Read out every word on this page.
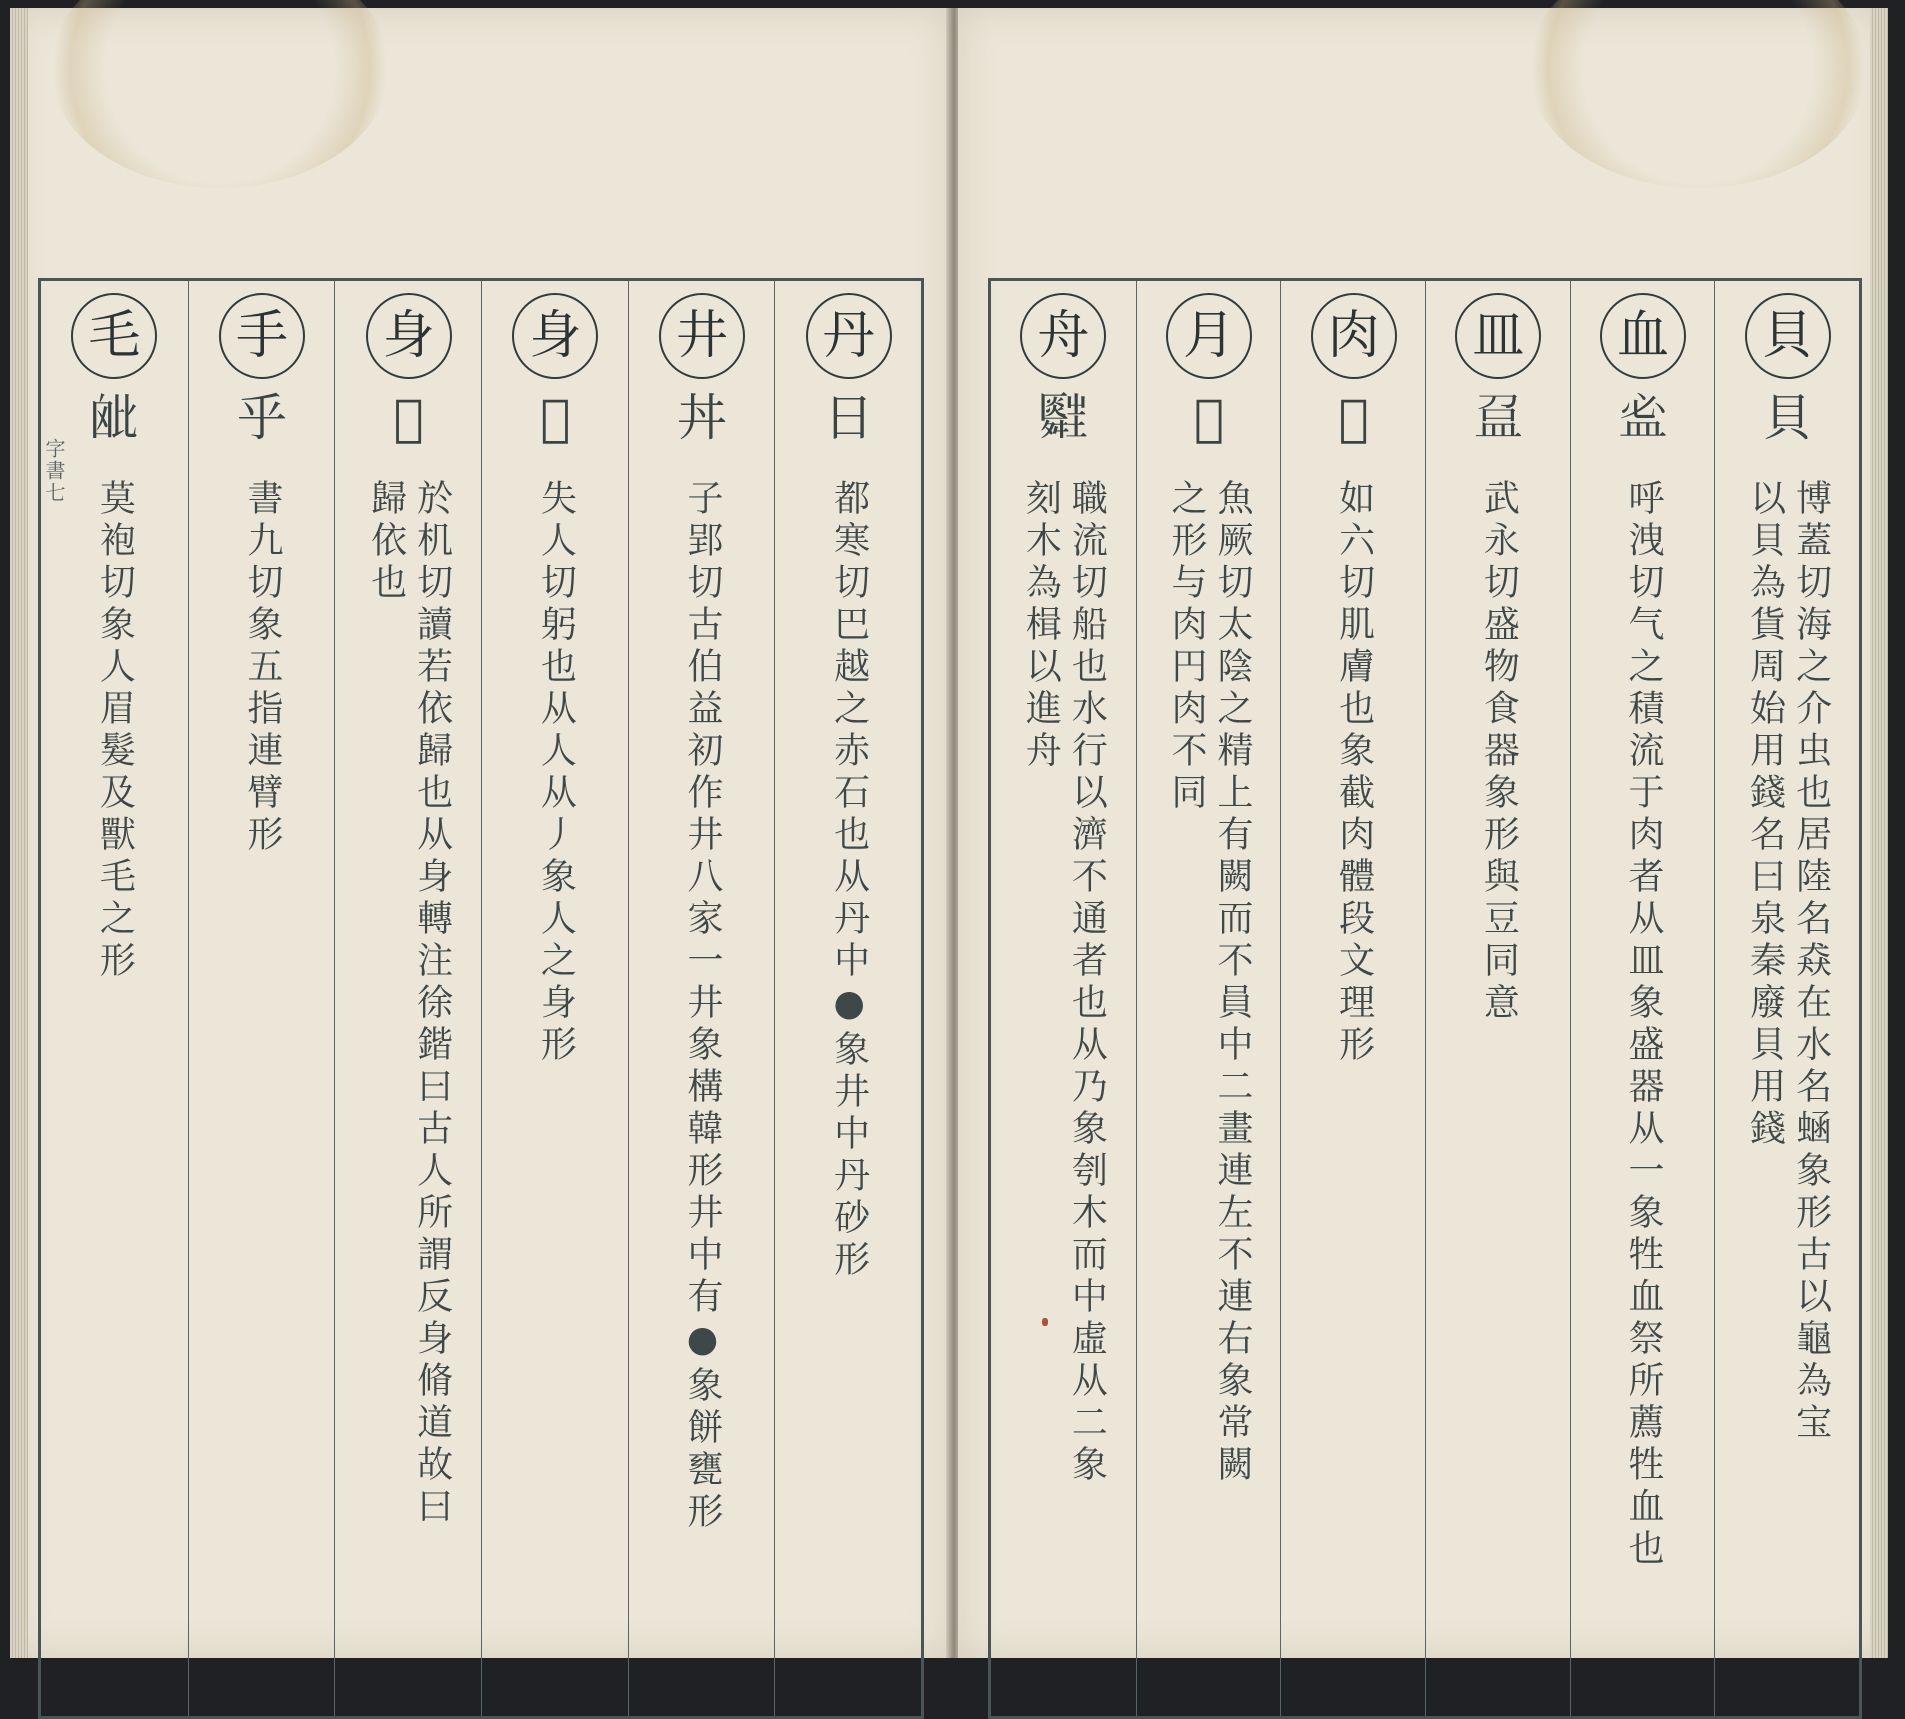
字書七
毛
𣬈
莫袍切象人眉髮及獸毛之形
手
乎
書九切象五指連臂形
身
𨈏
於机切讀若依歸也从身轉注徐鍇曰古人所謂反身脩道故曰
歸依也
身
𨈐
失人切躬也从人从丿象人之身形
井
丼
子郢切古伯益初作井八家一井象構韓形井中有●象餅甕形
丹
日
都寒切巴越之赤石也从丹中●象井中丹砂形
舟
𦨃
職流切船也水行以濟不通者也从乃象刳木而中虛从二象
刻木為楫以進舟
月
𠃧
魚厥切太陰之精上有闕而不員中二畫連左不連右象常闕
之形与肉円肉不同
肉
𠕎
如六切肌膚也象截肉體段文理形
皿
𥁏
武永切盛物食器象形與豆同意
血
𥁑
呼洩切气之積流于肉者从皿象盛器从一象牲血祭所薦牲血也
貝
貝
博蓋切海之介虫也居陸名猋在水名蜬象形古以龜為宝
以貝為貨周始用錢名曰泉秦廢貝用錢
